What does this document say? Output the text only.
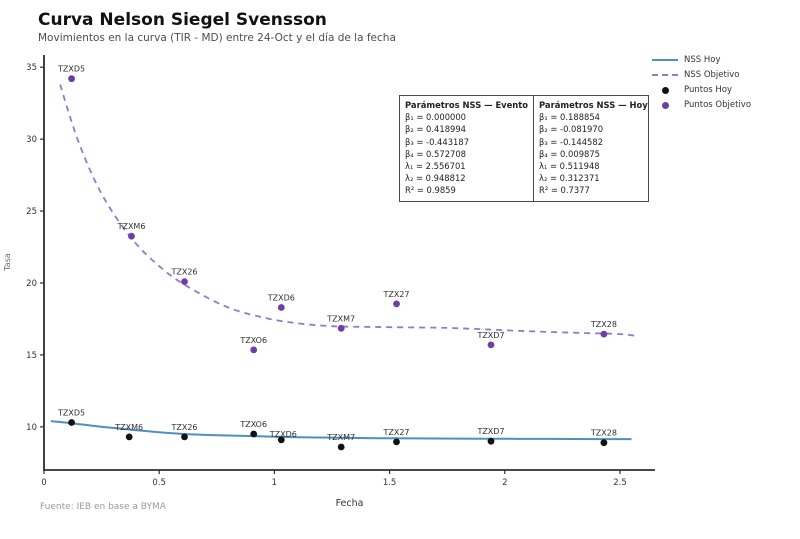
Curva Nelson Siegel Svensson
Movimientos en la curva (TIR - MD) entre 24-Oct y el día de la fecha
0	0.5	1	1.5	2	2.5
10
15
20
25
30
35
TZXD5
TZXM6	TZX26	TZXO6
TZXD6	TZXM7
TZX27	TZXD7	TZX28
TZXD5
TZXM6
TZX26
TZXO6
TZXD6
TZXM7
TZX27
TZXD7
TZX28
Fecha
Tasa
NSS Hoy
NSS Objetivo
Puntos Hoy
Puntos Objetivo
Parámetros NSS — Evento
β₁ = 0.000000
β₂ = 0.418994
β₃ = -0.443187
β₄ = 0.572708
λ₁ = 2.556701
λ₂ = 0.948812
R² = 0.9859
Parámetros NSS — Hoy
β₁ = 0.188854
β₂ = -0.081970
β₃ = -0.144582
β₄ = 0.009875
λ₁ = 0.511948
λ₂ = 0.312371
R² = 0.7377
Fuente: IEB en base a BYMA
